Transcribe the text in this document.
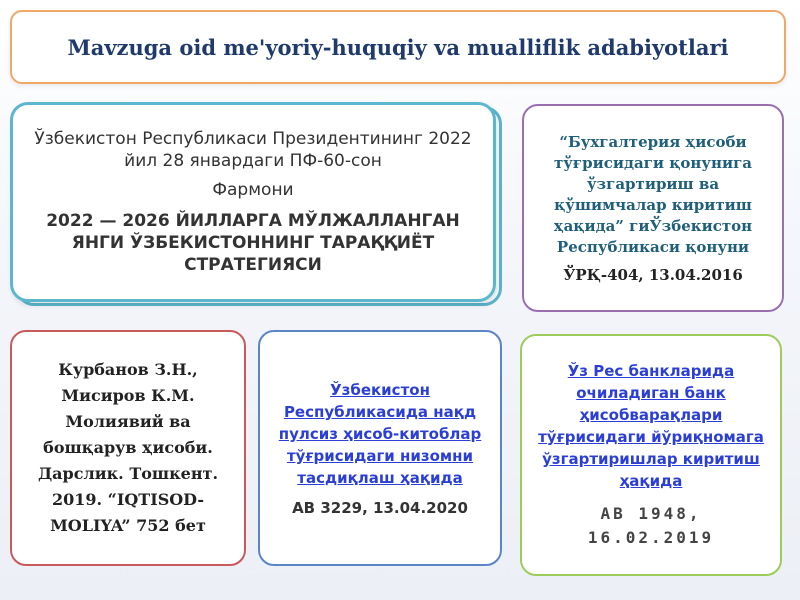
Mavzuga oid me'yoriy-huquqiy va mualliflik adabiyotlari
Ўзбекистон Республикаси Президентининг 2022 йил 28 январдаги ПФ-60-сон
Фармони
2022 — 2026 ЙИЛЛАРГА МЎЛЖАЛЛАНГАН ЯНГИ ЎЗБЕКИСТОННИНГ ТАРАҚҚИЁТ СТРАТЕГИЯСИ
“Бухгалтерия ҳисоби тўғрисидаги қонунига ўзгартириш ва қўшимчалар киритиш ҳақида” гиЎзбекистон Республикаси қонуни
ЎРҚ-404, 13.04.2016
Курбанов З.Н., Мисиров К.М. Молиявий ва бошқарув ҳисоби. Дарслик. Тошкент. 2019. “IQTISOD-MOLIYA” 752 бет
Ўзбекистон Республикасида нақд пулсиз ҳисоб-китоблар тўғрисидаги низомни тасдиқлаш ҳақида
АВ 3229, 13.04.2020
Ўз Рес банкларида очиладиган банк ҳисобварақлари тўғрисидаги йўриқномага ўзгартиришлар киритиш ҳақида
АВ 1948, 16.02.2019
